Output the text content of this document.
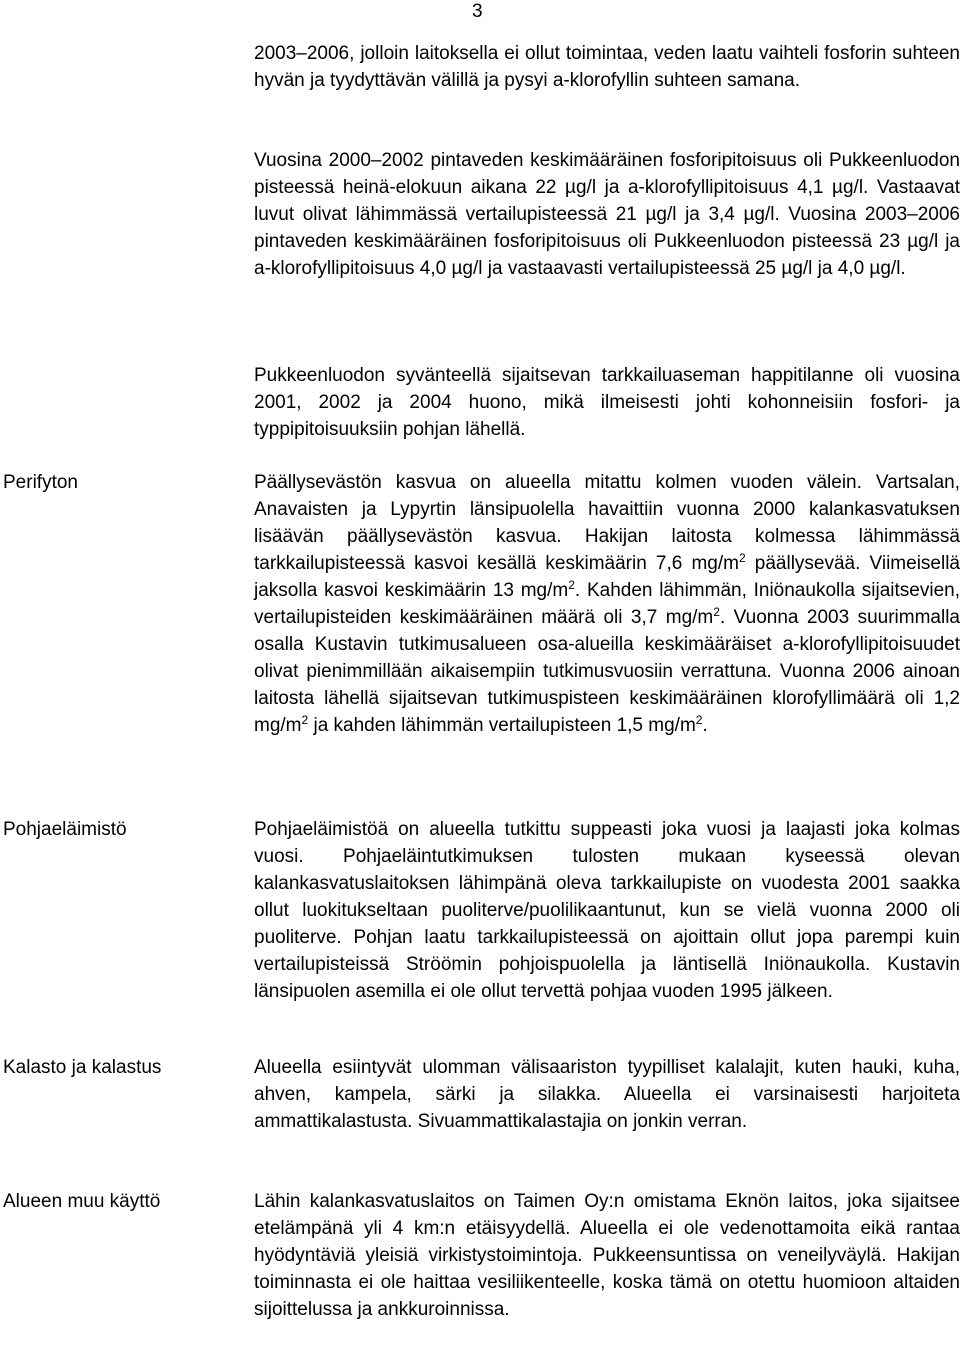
3
2003–2006, jolloin laitoksella ei ollut toimintaa, veden laatu vaihteli fosforin suhteen hyvän ja tyydyttävän välillä ja pysyi a-klorofyllin suhteen samana.
Vuosina 2000–2002 pintaveden keskimääräinen fosforipitoisuus oli Pukkeenluodon pisteessä heinä-elokuun aikana 22 µg/l ja a-klorofyllipitoisuus 4,1 µg/l. Vastaavat luvut olivat lähimmässä vertailupisteessä 21 µg/l ja 3,4 µg/l. Vuosina 2003–2006 pintaveden keskimääräinen fosforipitoisuus oli Pukkeenluodon pisteessä 23 µg/l ja a-klorofyllipitoisuus 4,0 µg/l ja vastaavasti vertailupisteessä 25 µg/l ja 4,0 µg/l.
Pukkeenluodon syvänteellä sijaitsevan tarkkailuaseman happitilanne oli vuosina 2001, 2002 ja 2004 huono, mikä ilmeisesti johti kohonneisiin fosfori- ja typpipitoisuuksiin pohjan lähellä.
Perifyton	Päällysevästön kasvua on alueella mitattu kolmen vuoden välein. Vartsalan, Anavaisten ja Lypyrtin länsipuolella havaittiin vuonna 2000 kalankasvatuksen lisäävän päällysevästön kasvua. Hakijan laitosta kolmessa lähimmässä tarkkailupisteessä kasvoi kesällä keskimäärin 7,6 $mg/m^2$ päällysevää. Viimeisellä jaksolla kasvoi keskimäärin 13 $mg/m^2$. Kahden lähimmän, Iniönaukolla sijaitsevien, vertailupisteiden keskimääräinen määrä oli 3,7 $mg/m^2$. Vuonna 2003 suurimmalla osalla Kustavin tutkimusalueen osa-alueilla keskimääräiset a-klorofyllipitoisuudet olivat pienimmillään aikaisempiin tutkimusvuosiin verrattuna. Vuonna 2006 ainoan laitosta lähellä sijaitsevan tutkimuspisteen keskimääräinen klorofyllimäärä oli 1,2 $mg/m^2$ ja kahden lähimmän vertailupisteen 1,5 $mg/m^2$.
Pohjaeläimistö	Pohjaeläimistöä on alueella tutkittu suppeasti joka vuosi ja laajasti joka kolmas vuosi. Pohjaeläintutkimuksen tulosten mukaan kyseessä olevan kalankasvatuslaitoksen lähimpänä oleva tarkkailupiste on vuodesta 2001 saakka ollut luokitukseltaan puoliterve/puolilikaantunut, kun se vielä vuonna 2000 oli puoliterve. Pohjan laatu tarkkailupisteessä on ajoittain ollut jopa parempi kuin vertailupisteissä Ströömin pohjoispuolella ja läntisellä Iniönaukolla. Kustavin länsipuolen asemilla ei ole ollut tervettä pohjaa vuoden 1995 jälkeen.
Kalasto ja kalastus	Alueella esiintyvät ulomman välisaariston tyypilliset kalalajit, kuten hauki, kuha, ahven, kampela, särki ja silakka. Alueella ei varsinaisesti harjoiteta ammattikalastusta. Sivuammattikalastajia on jonkin verran.
Alueen muu käyttö	Lähin kalankasvatuslaitos on Taimen Oy:n omistama Eknön laitos, joka sijaitsee etelämpänä yli 4 km:n etäisyydellä. Alueella ei ole vedenottamoita eikä rantaa hyödyntäviä yleisiä virkistystoimintoja. Pukkeensuntissa on veneilyväylä. Hakijan toiminnasta ei ole haittaa vesiliikenteelle, koska tämä on otettu huomioon altaiden sijoittelussa ja ankkuroinnissa.
